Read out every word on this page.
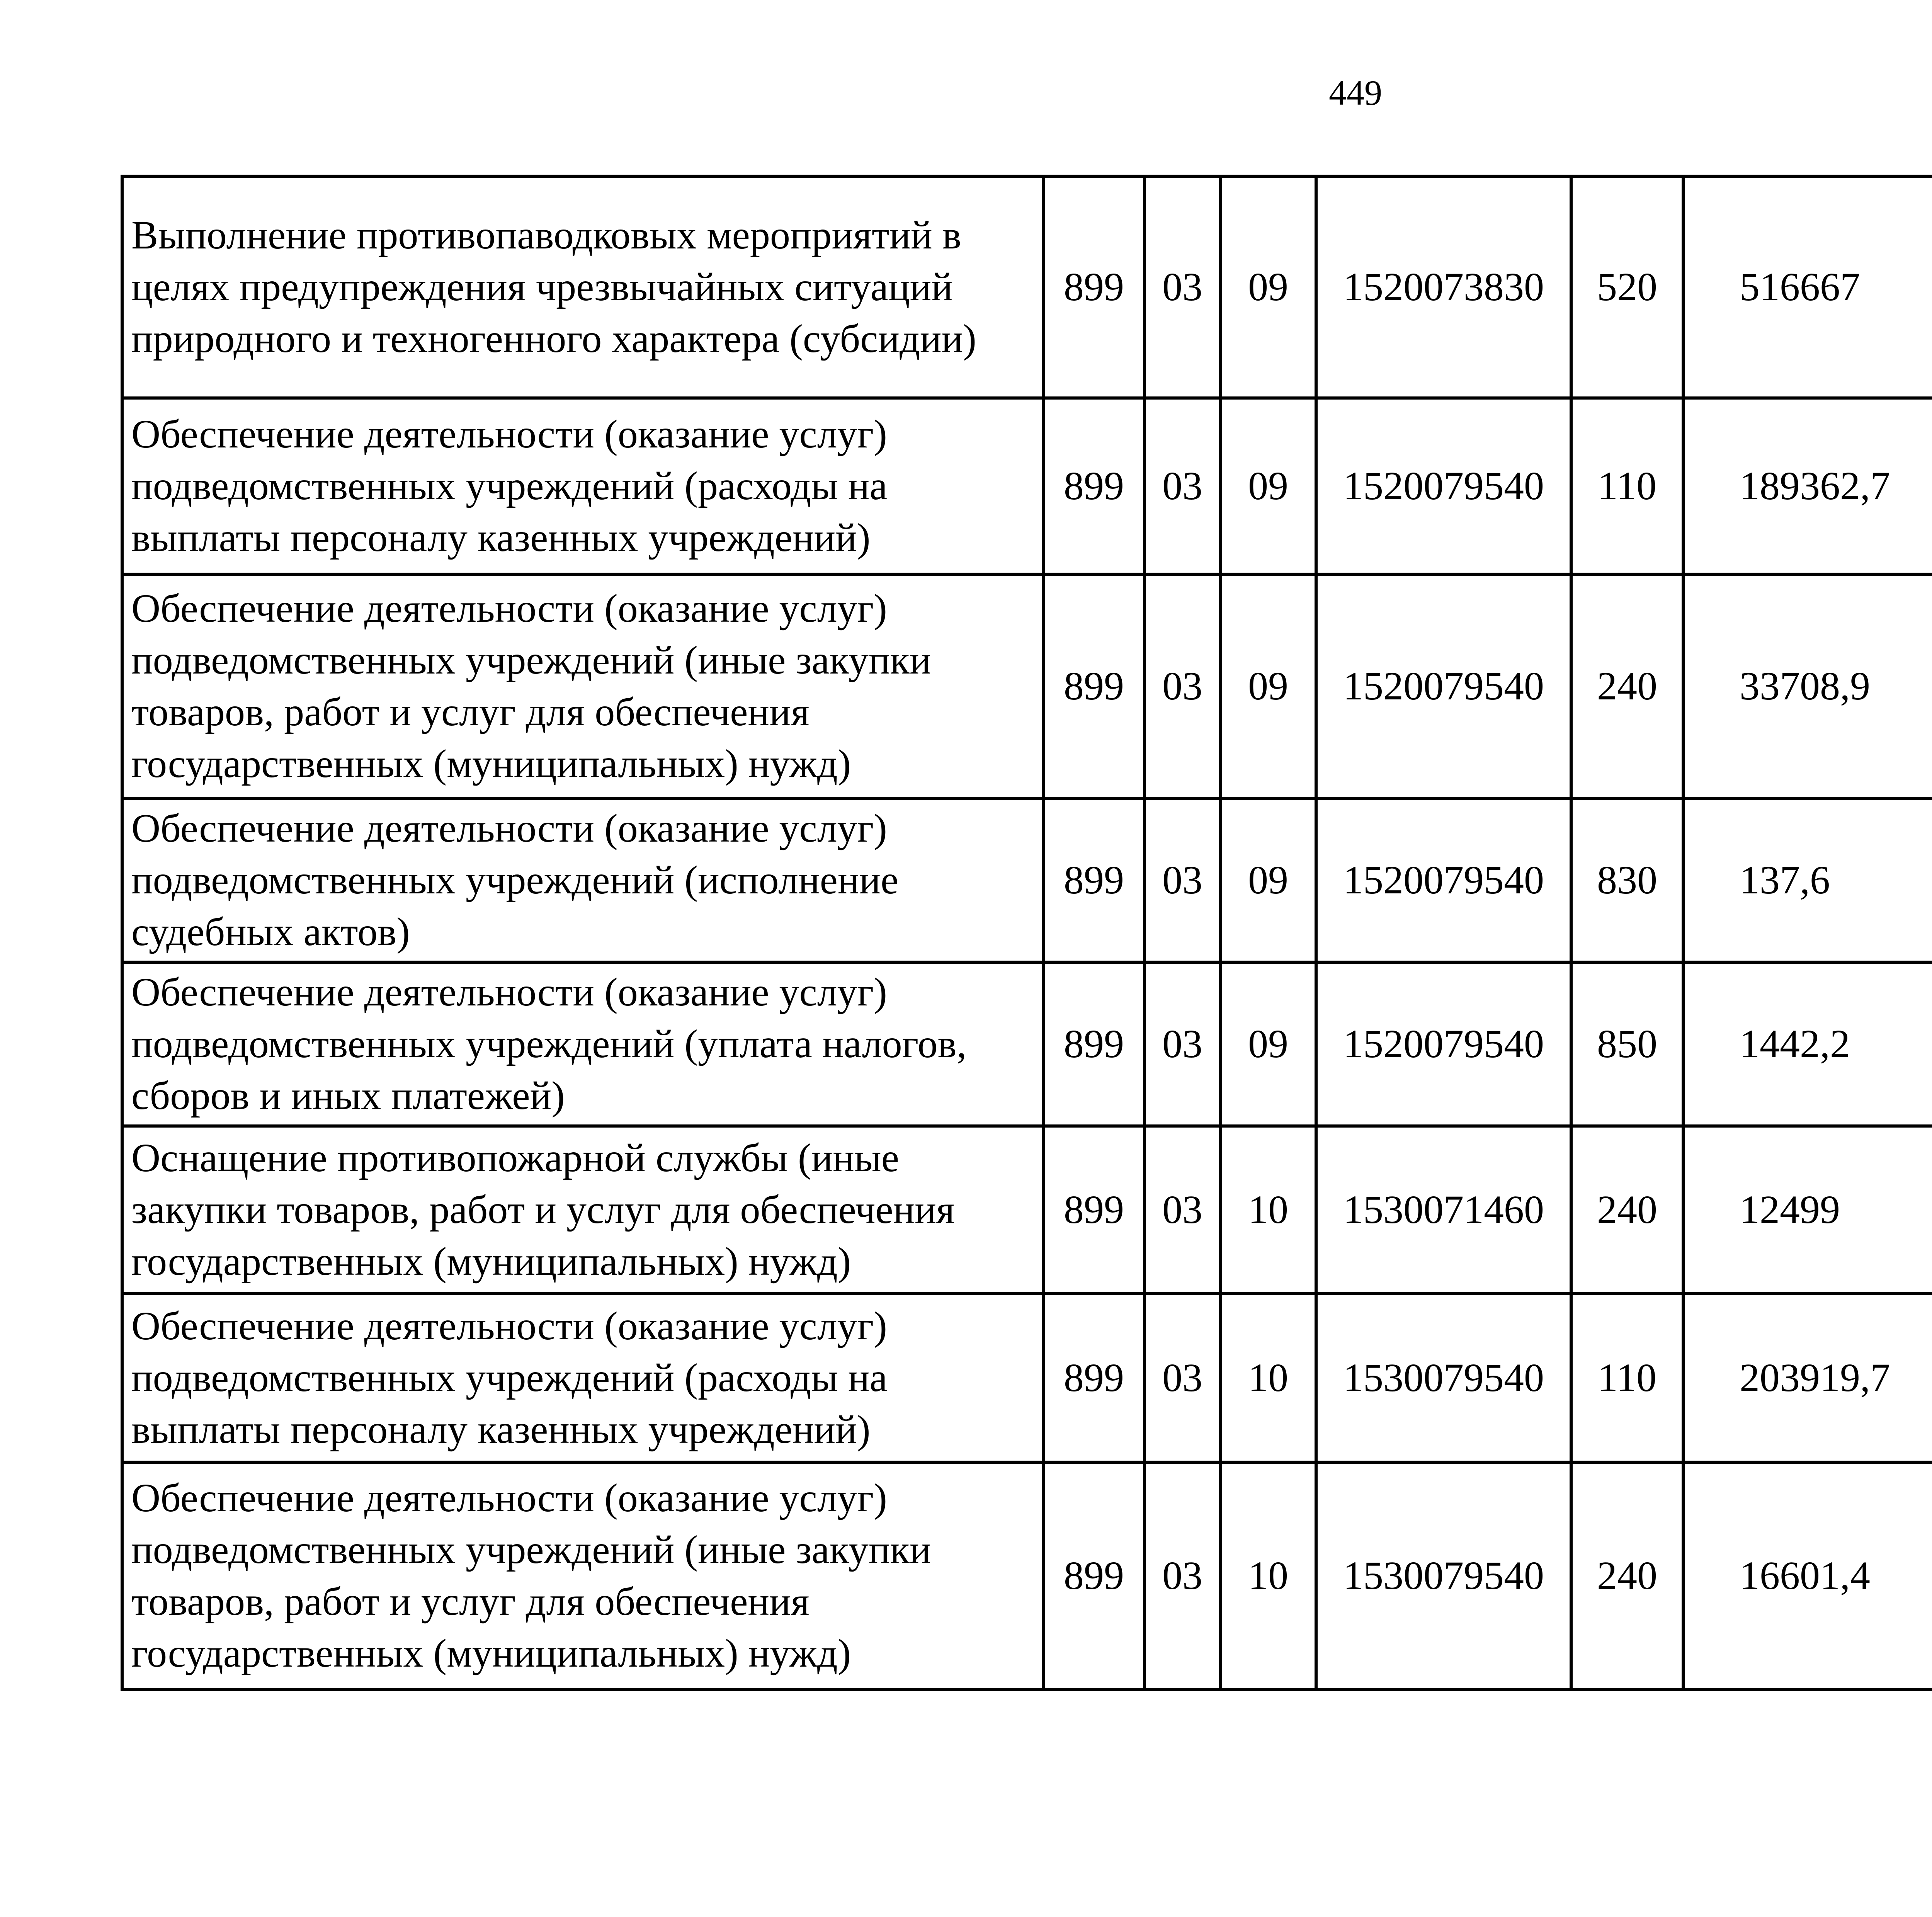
449
Выполнение противопаводковых мероприятий в целях предупреждения чрезвычайных ситуаций природного и техногенного характера (субсидии)	899	03	09	1520073830	520	516667		
Обеспечение деятельности (оказание услуг) подведомственных учреждений (расходы на выплаты персоналу казенных учреждений)	899	03	09	1520079540	110	189362,7		
Обеспечение деятельности (оказание услуг) подведомственных учреждений (иные закупки товаров, работ и услуг для обеспечения государственных (муниципальных) нужд)	899	03	09	1520079540	240	33708,9		
Обеспечение деятельности (оказание услуг) подведомственных учреждений (исполнение судебных актов)	899	03	09	1520079540	830	137,6		
Обеспечение деятельности (оказание услуг) подведомственных учреждений (уплата налогов, сборов и иных платежей)	899	03	09	1520079540	850	1442,2		
Оснащение противопожарной службы (иные закупки товаров, работ и услуг для обеспечения государственных (муниципальных) нужд)	899	03	10	1530071460	240	12499		
Обеспечение деятельности (оказание услуг) подведомственных учреждений (расходы на выплаты персоналу казенных учреждений)	899	03	10	1530079540	110	203919,7		
Обеспечение деятельности (оказание услуг) подведомственных учреждений (иные закупки товаров, работ и услуг для обеспечения государственных (муниципальных) нужд)	899	03	10	1530079540	240	16601,4		
